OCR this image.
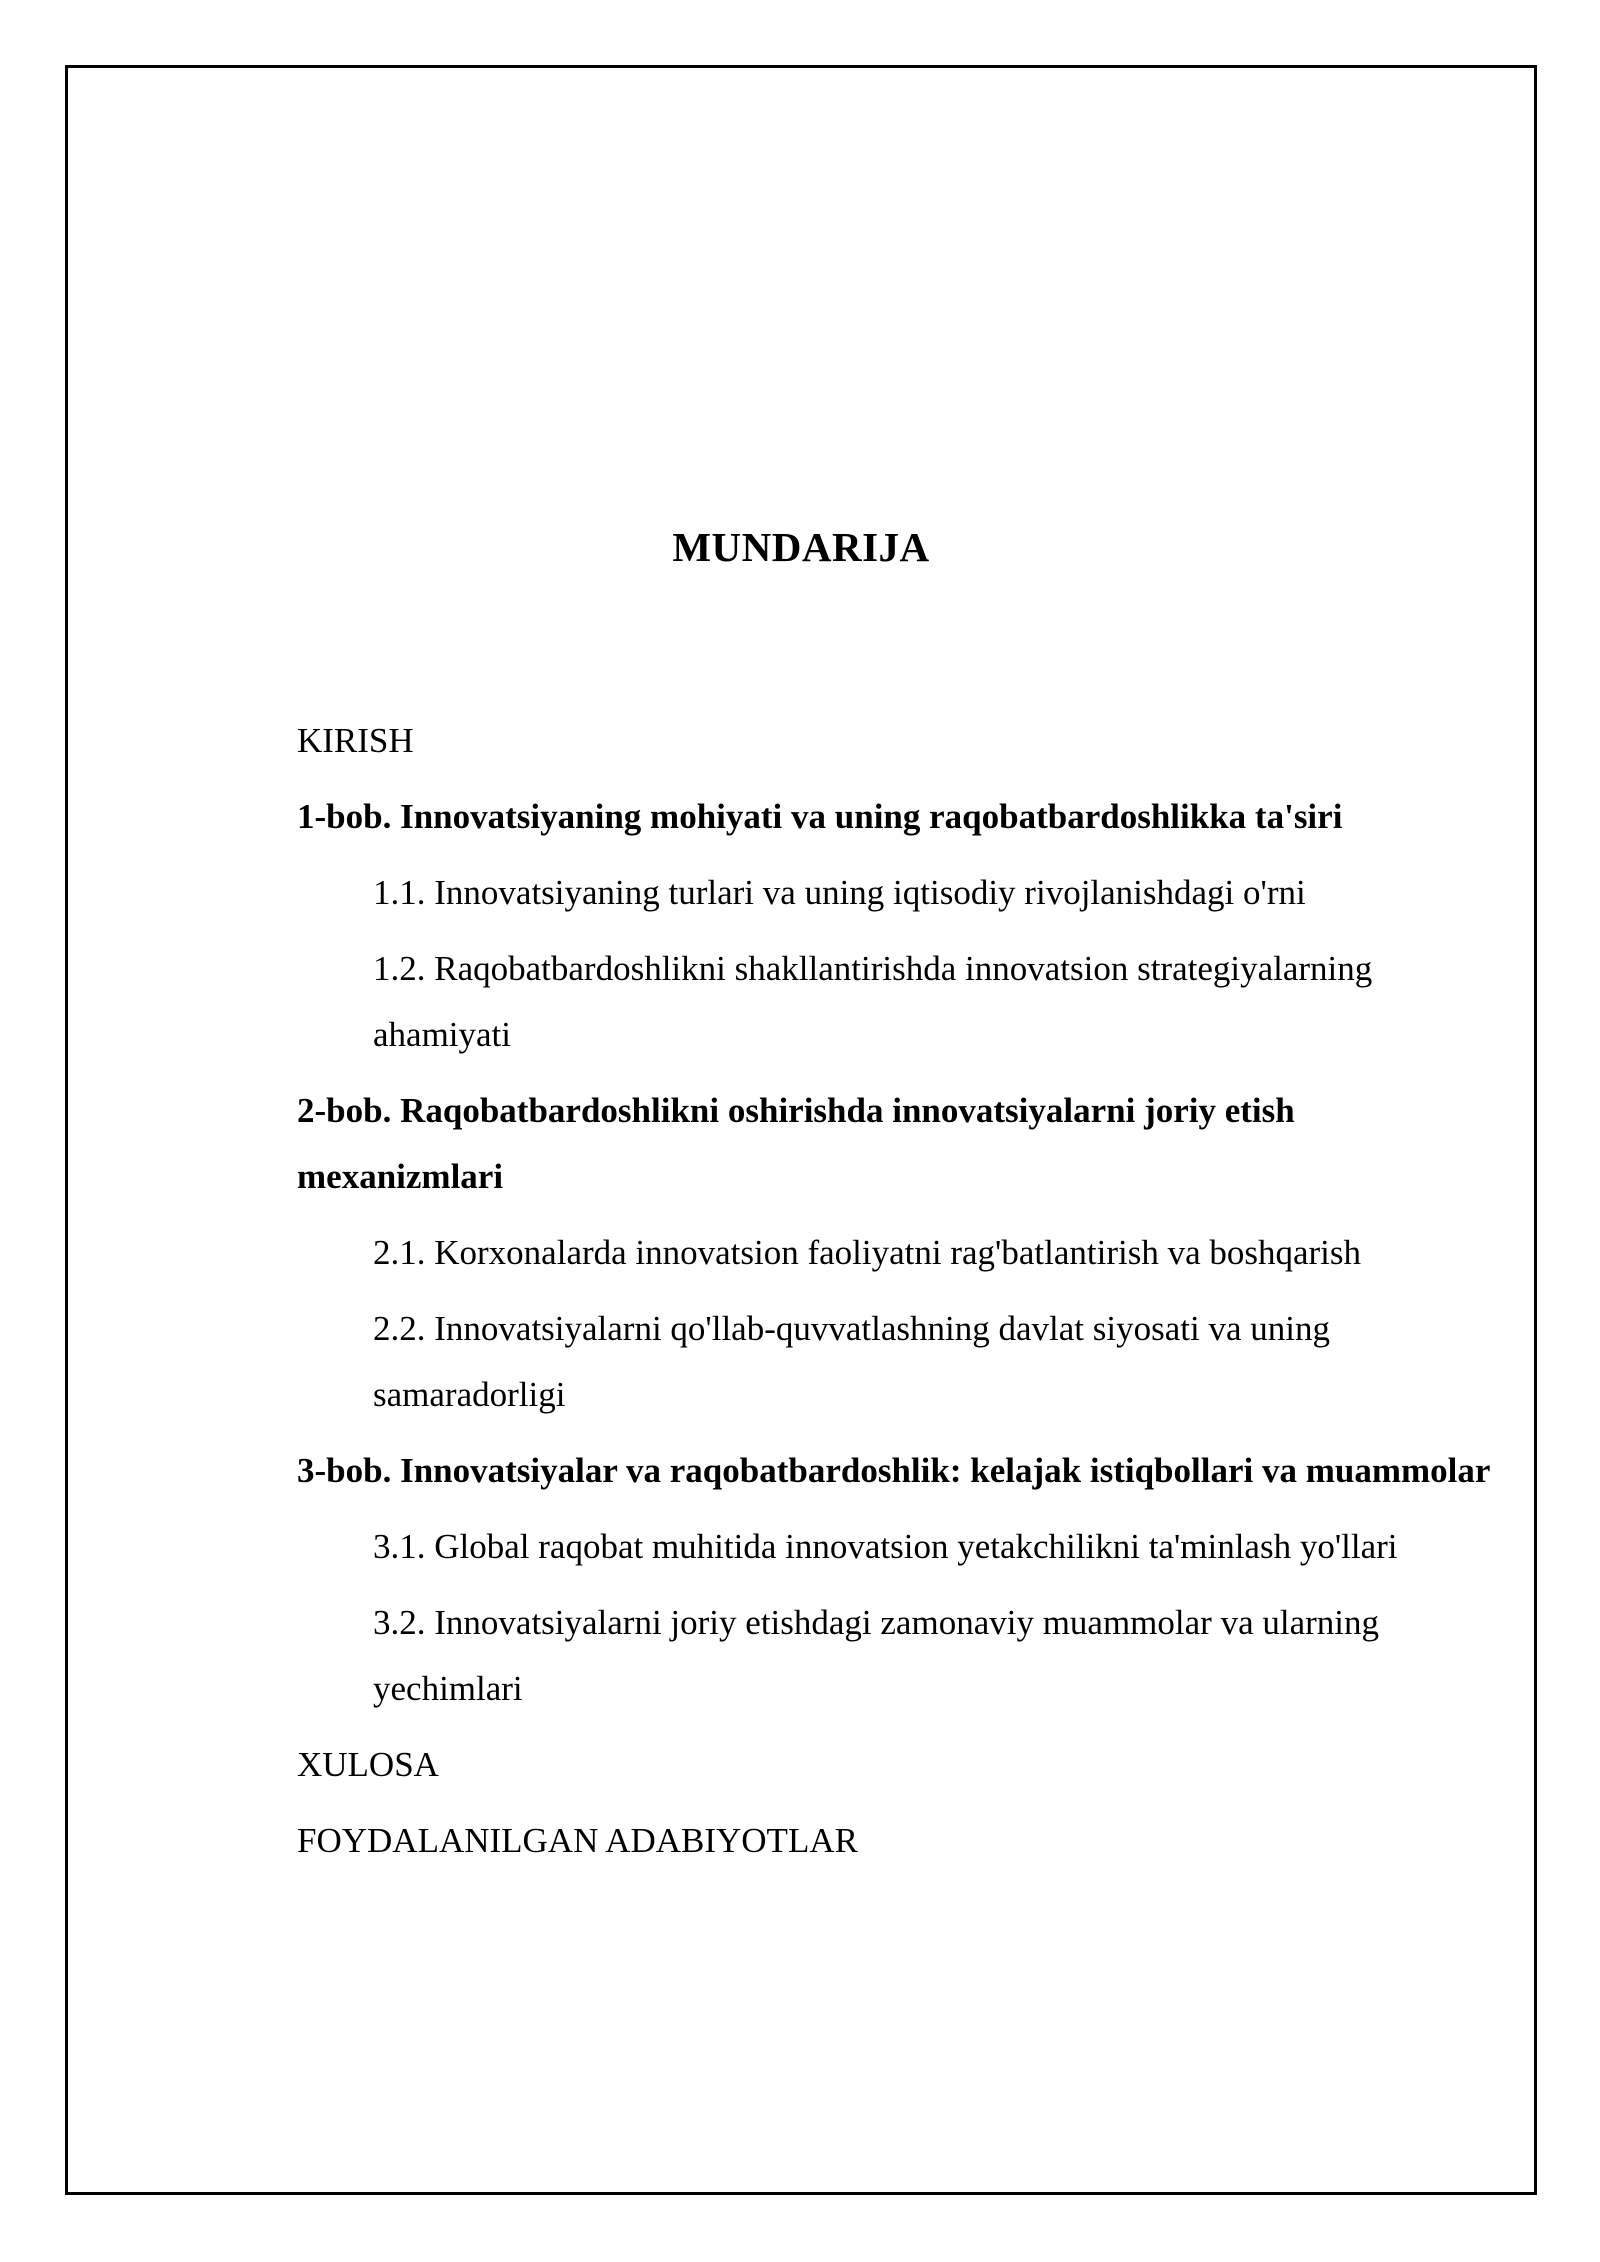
MUNDARIJA
KIRISH
1-bob. Innovatsiyaning mohiyati va uning raqobatbardoshlikka ta'siri
1.1. Innovatsiyaning turlari va uning iqtisodiy rivojlanishdagi o'rni
1.2. Raqobatbardoshlikni shakllantirishda innovatsion strategiyalarning ahamiyati
2-bob. Raqobatbardoshlikni oshirishda innovatsiyalarni joriy etish mexanizmlari
2.1. Korxonalarda innovatsion faoliyatni rag'batlantirish va boshqarish
2.2. Innovatsiyalarni qo'llab-quvvatlashning davlat siyosati va uning samaradorligi
3-bob. Innovatsiyalar va raqobatbardoshlik: kelajak istiqbollari va muammolar
3.1. Global raqobat muhitida innovatsion yetakchilikni ta'minlash yo'llari
3.2. Innovatsiyalarni joriy etishdagi zamonaviy muammolar va ularning yechimlari
XULOSA
FOYDALANILGAN ADABIYOTLAR
